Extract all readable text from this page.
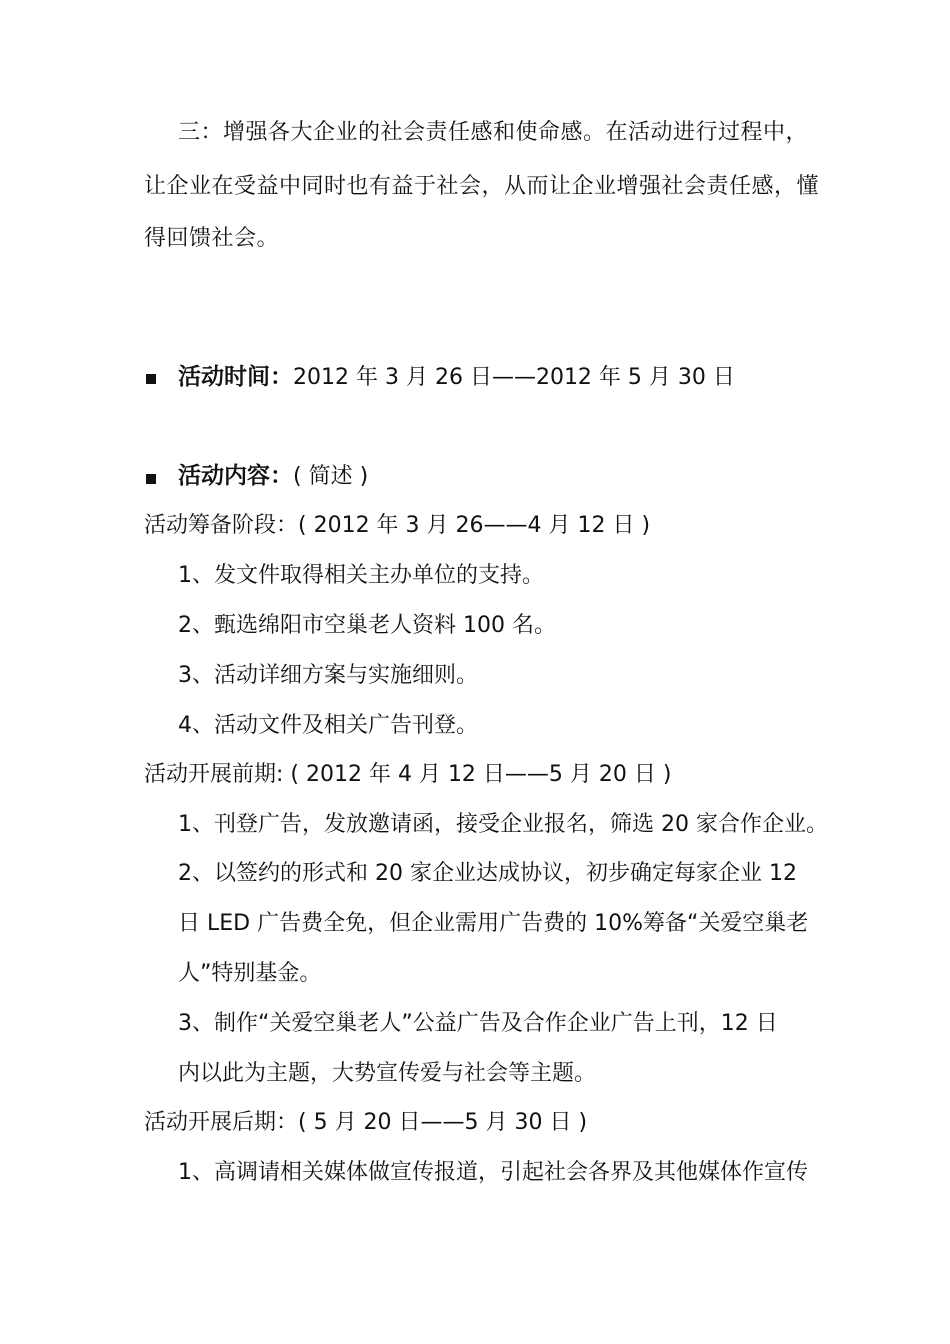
三：增强各大企业的社会责任感和使命感。在活动进行过程中，
让企业在受益中同时也有益于社会，从而让企业增强社会责任感，懂
得回馈社会。
活动时间：2012 年 3 月 26 日——2012 年 5 月 30 日
活动内容：( 简述 )
活动筹备阶段：( 2012 年 3 月 26——4 月 12 日 )
1、发文件取得相关主办单位的支持。
2、甄选绵阳市空巢老人资料 100 名。
3、活动详细方案与实施细则。
4、活动文件及相关广告刊登。
活动开展前期: ( 2012 年 4 月 12 日——5 月 20 日 )
1、刊登广告，发放邀请函，接受企业报名，筛选 20 家合作企业。
2、以签约的形式和 20 家企业达成协议，初步确定每家企业 12
日 LED 广告费全免，但企业需用广告费的 10%筹备“关爱空巢老
人”特别基金。
3、制作“关爱空巢老人”公益广告及合作企业广告上刊，12 日
内以此为主题，大势宣传爱与社会等主题。
活动开展后期：( 5 月 20 日——5 月 30 日 )
1、高调请相关媒体做宣传报道，引起社会各界及其他媒体作宣传
